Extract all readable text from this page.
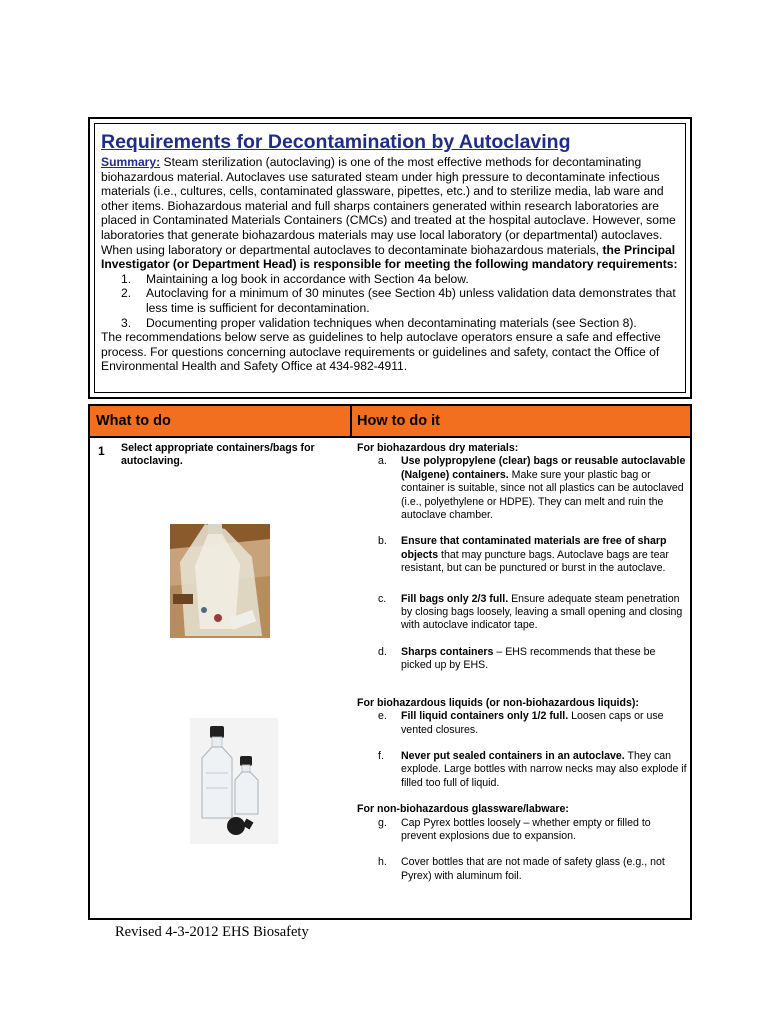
Requirements for Decontamination by Autoclaving

Summary: Steam sterilization (autoclaving) is one of the most effective methods for decontaminating biohazardous material. Autoclaves use saturated steam under high pressure to decontaminate infectious materials (i.e., cultures, cells, contaminated glassware, pipettes, etc.) and to sterilize media, lab ware and other items. Biohazardous material and full sharps containers generated within research laboratories are placed in Contaminated Materials Containers (CMCs) and treated at the hospital autoclave. However, some laboratories that generate biohazardous materials may use local laboratory (or departmental) autoclaves. When using laboratory or departmental autoclaves to decontaminate biohazardous materials, the Principal Investigator (or Department Head) is responsible for meeting the following mandatory requirements:

1. Maintaining a log book in accordance with Section 4a below.
2. Autoclaving for a minimum of 30 minutes (see Section 4b) unless validation data demonstrates that less time is sufficient for decontamination.
3. Documenting proper validation techniques when decontaminating materials (see Section 8).

The recommendations below serve as guidelines to help autoclave operators ensure a safe and effective process. For questions concerning autoclave requirements or guidelines and safety, contact the Office of Environmental Health and Safety Office at 434-982-4911.

What to do	How to do it
1 Select appropriate containers/bags for autoclaving.
For biohazardous dry materials:
a. Use polypropylene (clear) bags or reusable autoclavable (Nalgene) containers. Make sure your plastic bag or container is suitable, since not all plastics can be autoclaved (i.e., polyethylene or HDPE). They can melt and ruin the autoclave chamber.
b. Ensure that contaminated materials are free of sharp objects that may puncture bags. Autoclave bags are tear resistant, but can be punctured or burst in the autoclave.
c. Fill bags only 2/3 full. Ensure adequate steam penetration by closing bags loosely, leaving a small opening and closing with autoclave indicator tape.
d. Sharps containers – EHS recommends that these be picked up by EHS.
For biohazardous liquids (or non-biohazardous liquids):
e. Fill liquid containers only 1/2 full. Loosen caps or use vented closures.
f. Never put sealed containers in an autoclave. They can explode. Large bottles with narrow necks may also explode if filled too full of liquid.
For non-biohazardous glassware/labware:
g. Cap Pyrex bottles loosely – whether empty or filled to prevent explosions due to expansion.
h. Cover bottles that are not made of safety glass (e.g., not Pyrex) with aluminum foil.
Revised 4-3-2012 EHS Biosafety
